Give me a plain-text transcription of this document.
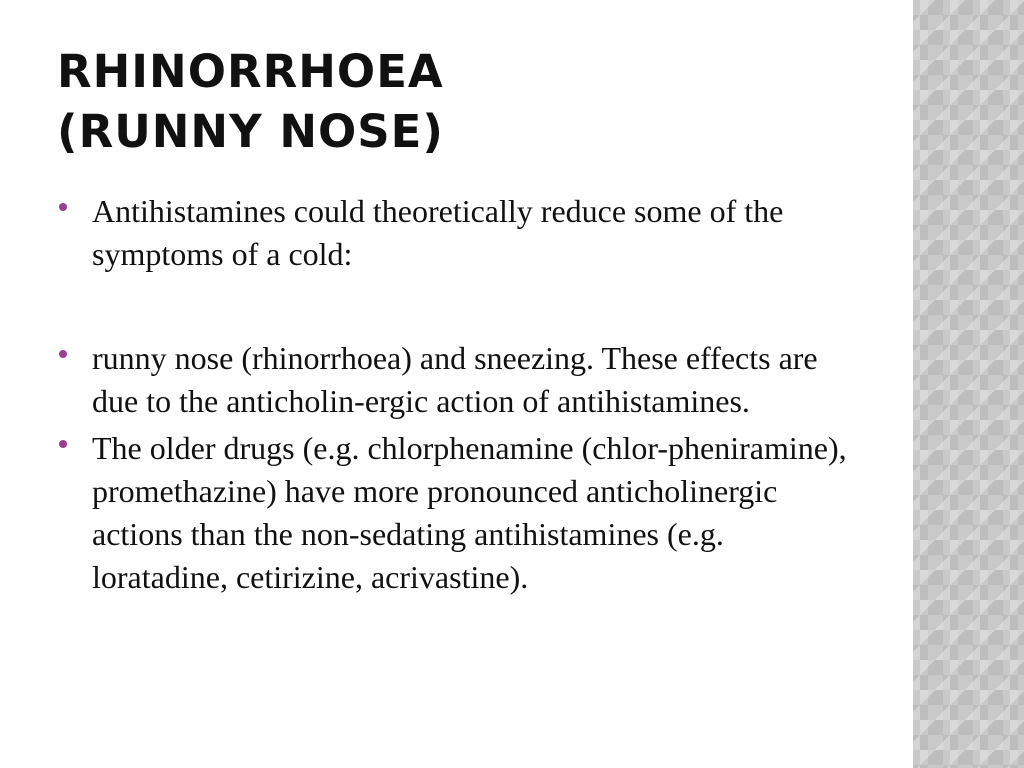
RHINORRHOEA
(RUNNY NOSE)
Antihistamines could theoretically reduce some of the symptoms of a cold:
runny nose (rhinorrhoea) and sneezing. These effects are due to the anticholin-ergic action of antihistamines.
The older drugs (e.g. chlorphenamine (chlor-pheniramine), promethazine) have more pronounced anticholinergic actions than the non-sedating antihistamines (e.g. loratadine, cetirizine, acrivastine).
